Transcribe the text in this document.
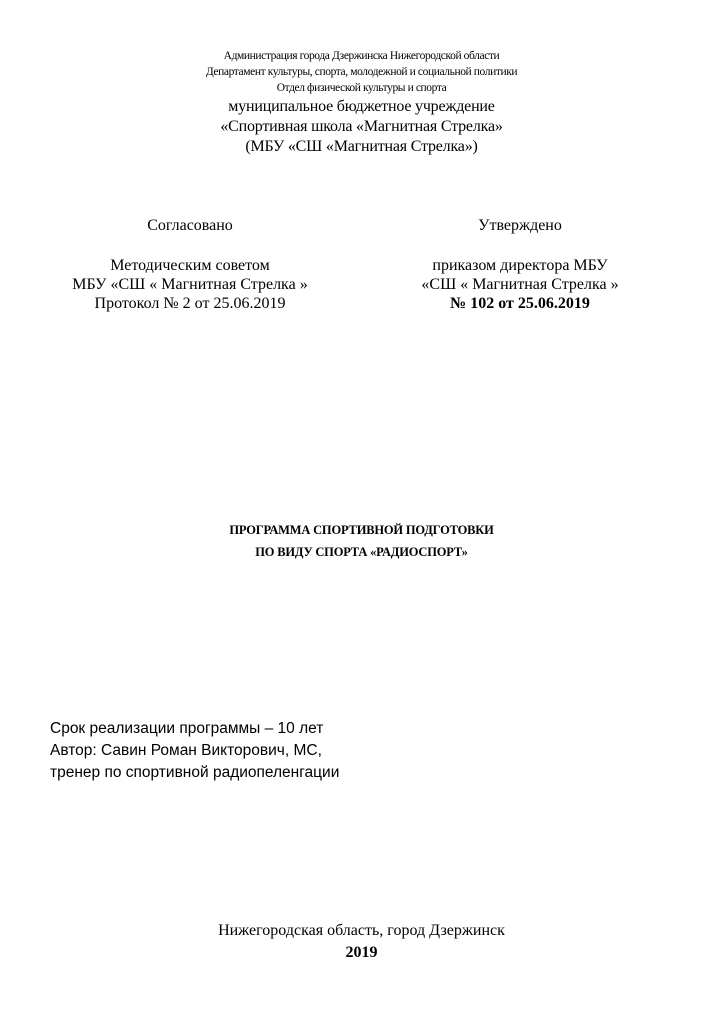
Администрация города Дзержинска Нижегородской области
Департамент культуры, спорта, молодежной и социальной политики
Отдел физической культуры и спорта
муниципальное бюджетное учреждение
«Спортивная школа «Магнитная Стрелка»
(МБУ «СШ «Магнитная Стрелка»)
Согласовано
Методическим советом
МБУ «СШ « Магнитная Стрелка »
Протокол № 2 от 25.06.2019
Утверждено
приказом директора МБУ
«СШ « Магнитная Стрелка »
№ 102 от 25.06.2019
ПРОГРАММА СПОРТИВНОЙ ПОДГОТОВКИ
ПО ВИДУ СПОРТА «РАДИОСПОРТ»
Срок реализации программы – 10 лет
Автор: Савин Роман Викторович, МС,
тренер по спортивной радиопеленгации
Нижегородская область, город Дзержинск
2019
